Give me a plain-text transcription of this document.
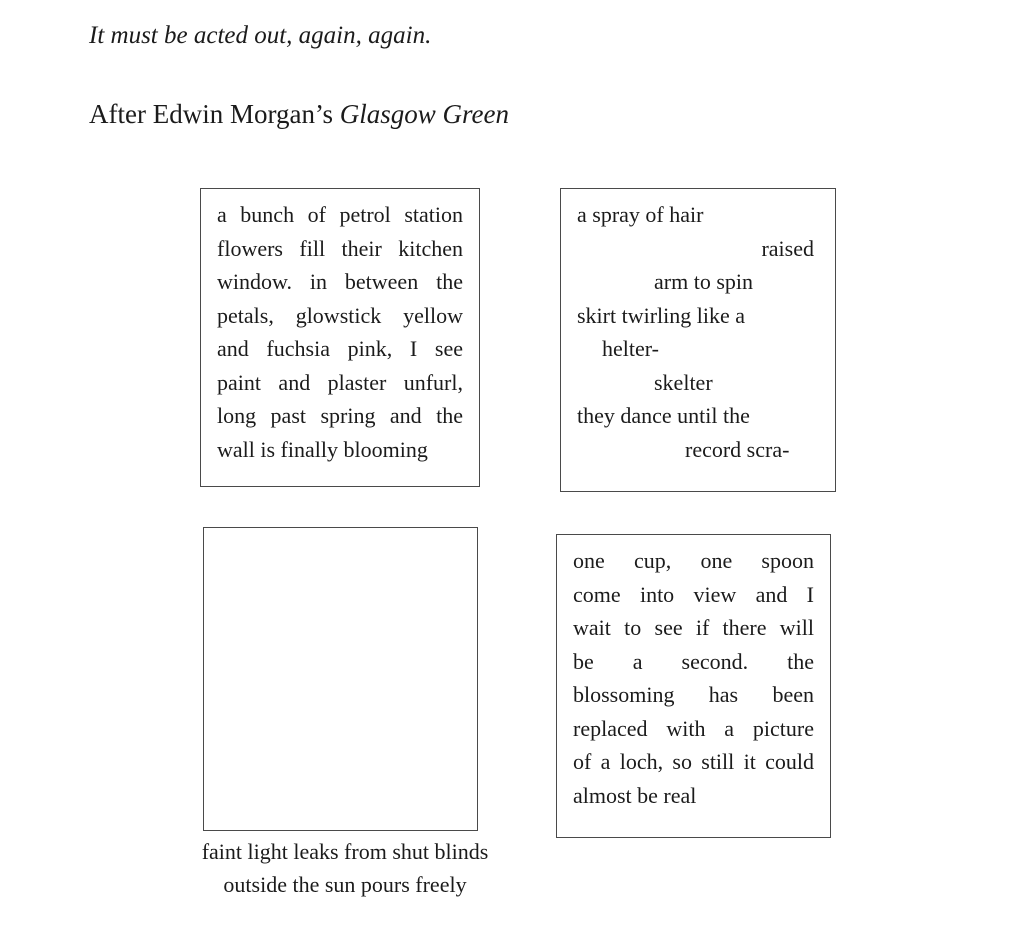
It must be acted out, again, again.

After Edwin Morgan’s Glasgow Green

a bunch of petrol station

flowers fill their kitchen

window. in between the

petals, glowstick yellow

and fuchsia pink, I see

paint and plaster unfurl,

long past spring and the

wall is finally blooming

a spray of hair

raised

arm to spin

skirt twirling like a

helter-

skelter

they dance until the

record scra-

one cup, one spoon

come into view and I

wait to see if there will

be a second. the

blossoming has been

replaced with a picture

of a loch, so still it could

almost be real

faint light leaks from shut blinds
outside the sun pours freely
